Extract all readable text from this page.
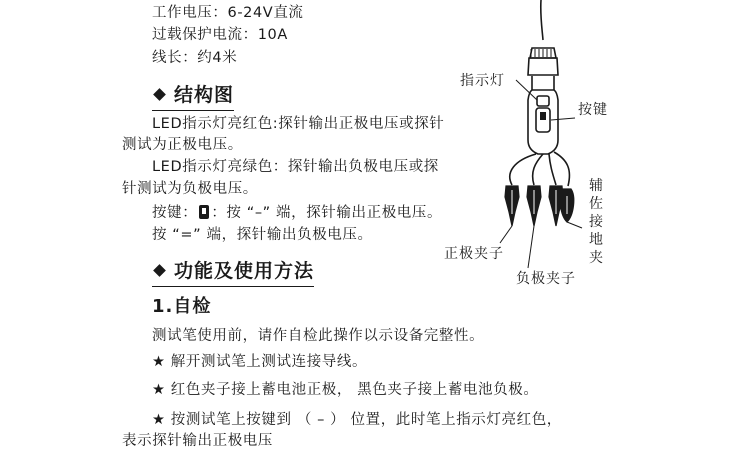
工作电压：6-24V直流
过载保护电流：10A
线长：约4米
结构图
LED指示灯亮红色:探针输出正极电压或探针
测试为正极电压。
LED指示灯亮绿色：探针输出负极电压或探
针测试为负极电压。
按键： ：按 “–” 端，探针输出正极电压。
按 “=” 端，探针输出负极电压。
功能及使用方法
1.自检
测试笔使用前，请作自检此操作以示设备完整性。
★ 解开测试笔上测试连接导线。
★ 红色夹子接上蓄电池正极， 黑色夹子接上蓄电池负极。
★ 按测试笔上按键到 （ – ） 位置，此时笔上指示灯亮红色，
表示探针输出正极电压
指示灯
按键
辅佐接地夹
正极夹子
负极夹子
